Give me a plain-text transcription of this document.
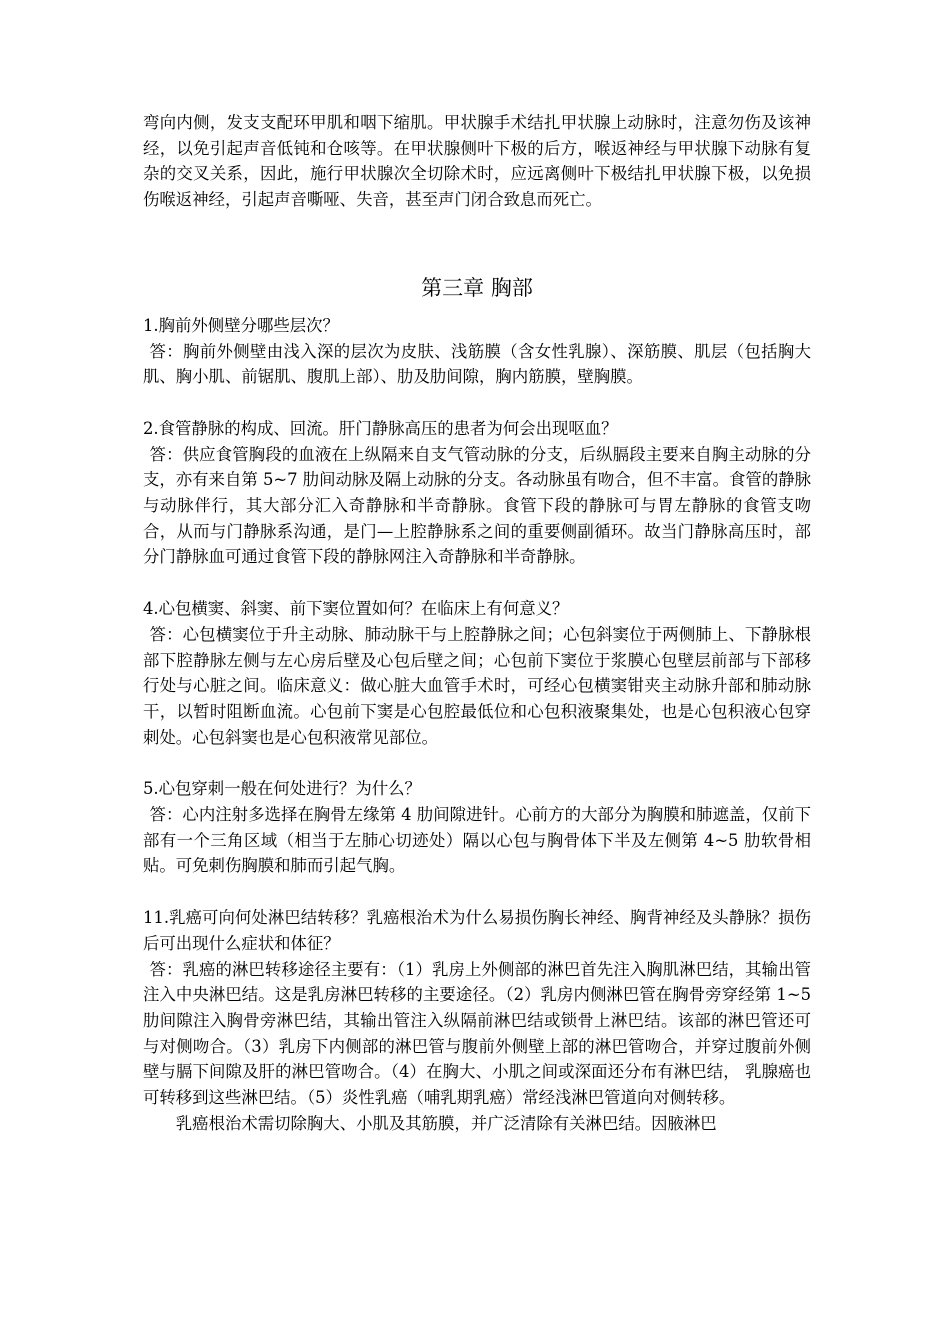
弯向内侧，发支支配环甲肌和咽下缩肌。甲状腺手术结扎甲状腺上动脉时，注意勿伤及该神经，以免引起声音低钝和仓咳等。在甲状腺侧叶下极的后方，喉返神经与甲状腺下动脉有复杂的交叉关系，因此，施行甲状腺次全切除术时，应远离侧叶下极结扎甲状腺下极，以免损伤喉返神经，引起声音嘶哑、失音，甚至声门闭合致息而死亡。

第三章 胸部

1.胸前外侧壁分哪些层次？

答：胸前外侧壁由浅入深的层次为皮肤、浅筋膜（含女性乳腺）、深筋膜、肌层（包括胸大肌、胸小肌、前锯肌、腹肌上部）、肋及肋间隙，胸内筋膜，壁胸膜。

2.食管静脉的构成、回流。肝门静脉高压的患者为何会出现呕血？

答：供应食管胸段的血液在上纵隔来自支气管动脉的分支，后纵膈段主要来自胸主动脉的分支，亦有来自第 5~7 肋间动脉及隔上动脉的分支。各动脉虽有吻合，但不丰富。食管的静脉与动脉伴行，其大部分汇入奇静脉和半奇静脉。食管下段的静脉可与胃左静脉的食管支吻合，从而与门静脉系沟通，是门—上腔静脉系之间的重要侧副循环。故当门静脉高压时，部分门静脉血可通过食管下段的静脉网注入奇静脉和半奇静脉。

4.心包横窦、斜窦、前下窦位置如何？在临床上有何意义？

答：心包横窦位于升主动脉、肺动脉干与上腔静脉之间；心包斜窦位于两侧肺上、下静脉根部下腔静脉左侧与左心房后壁及心包后壁之间；心包前下窦位于浆膜心包壁层前部与下部移行处与心脏之间。临床意义：做心脏大血管手术时，可经心包横窦钳夹主动脉升部和肺动脉干，以暂时阻断血流。心包前下窦是心包腔最低位和心包积液聚集处，也是心包积液心包穿刺处。心包斜窦也是心包积液常见部位。

5.心包穿刺一般在何处进行？为什么？

答：心内注射多选择在胸骨左缘第 4 肋间隙进针。心前方的大部分为胸膜和肺遮盖，仅前下部有一个三角区域（相当于左肺心切迹处）隔以心包与胸骨体下半及左侧第 4~5 肋软骨相贴。可免刺伤胸膜和肺而引起气胸。

11.乳癌可向何处淋巴结转移？乳癌根治术为什么易损伤胸长神经、胸背神经及头静脉？损伤后可出现什么症状和体征？

答：乳癌的淋巴转移途径主要有：（1）乳房上外侧部的淋巴首先注入胸肌淋巴结，其输出管注入中央淋巴结。这是乳房淋巴转移的主要途径。（2）乳房内侧淋巴管在胸骨旁穿经第 1~5 肋间隙注入胸骨旁淋巴结，其输出管注入纵隔前淋巴结或锁骨上淋巴结。该部的淋巴管还可与对侧吻合。（3）乳房下内侧部的淋巴管与腹前外侧壁上部的淋巴管吻合，并穿过腹前外侧壁与膈下间隙及肝的淋巴管吻合。（4）在胸大、小肌之间或深面还分布有淋巴结， 乳腺癌也可转移到这些淋巴结。（5）炎性乳癌（哺乳期乳癌）常经浅淋巴管道向对侧转移。

乳癌根治术需切除胸大、小肌及其筋膜，并广泛清除有关淋巴结。因腋淋巴
